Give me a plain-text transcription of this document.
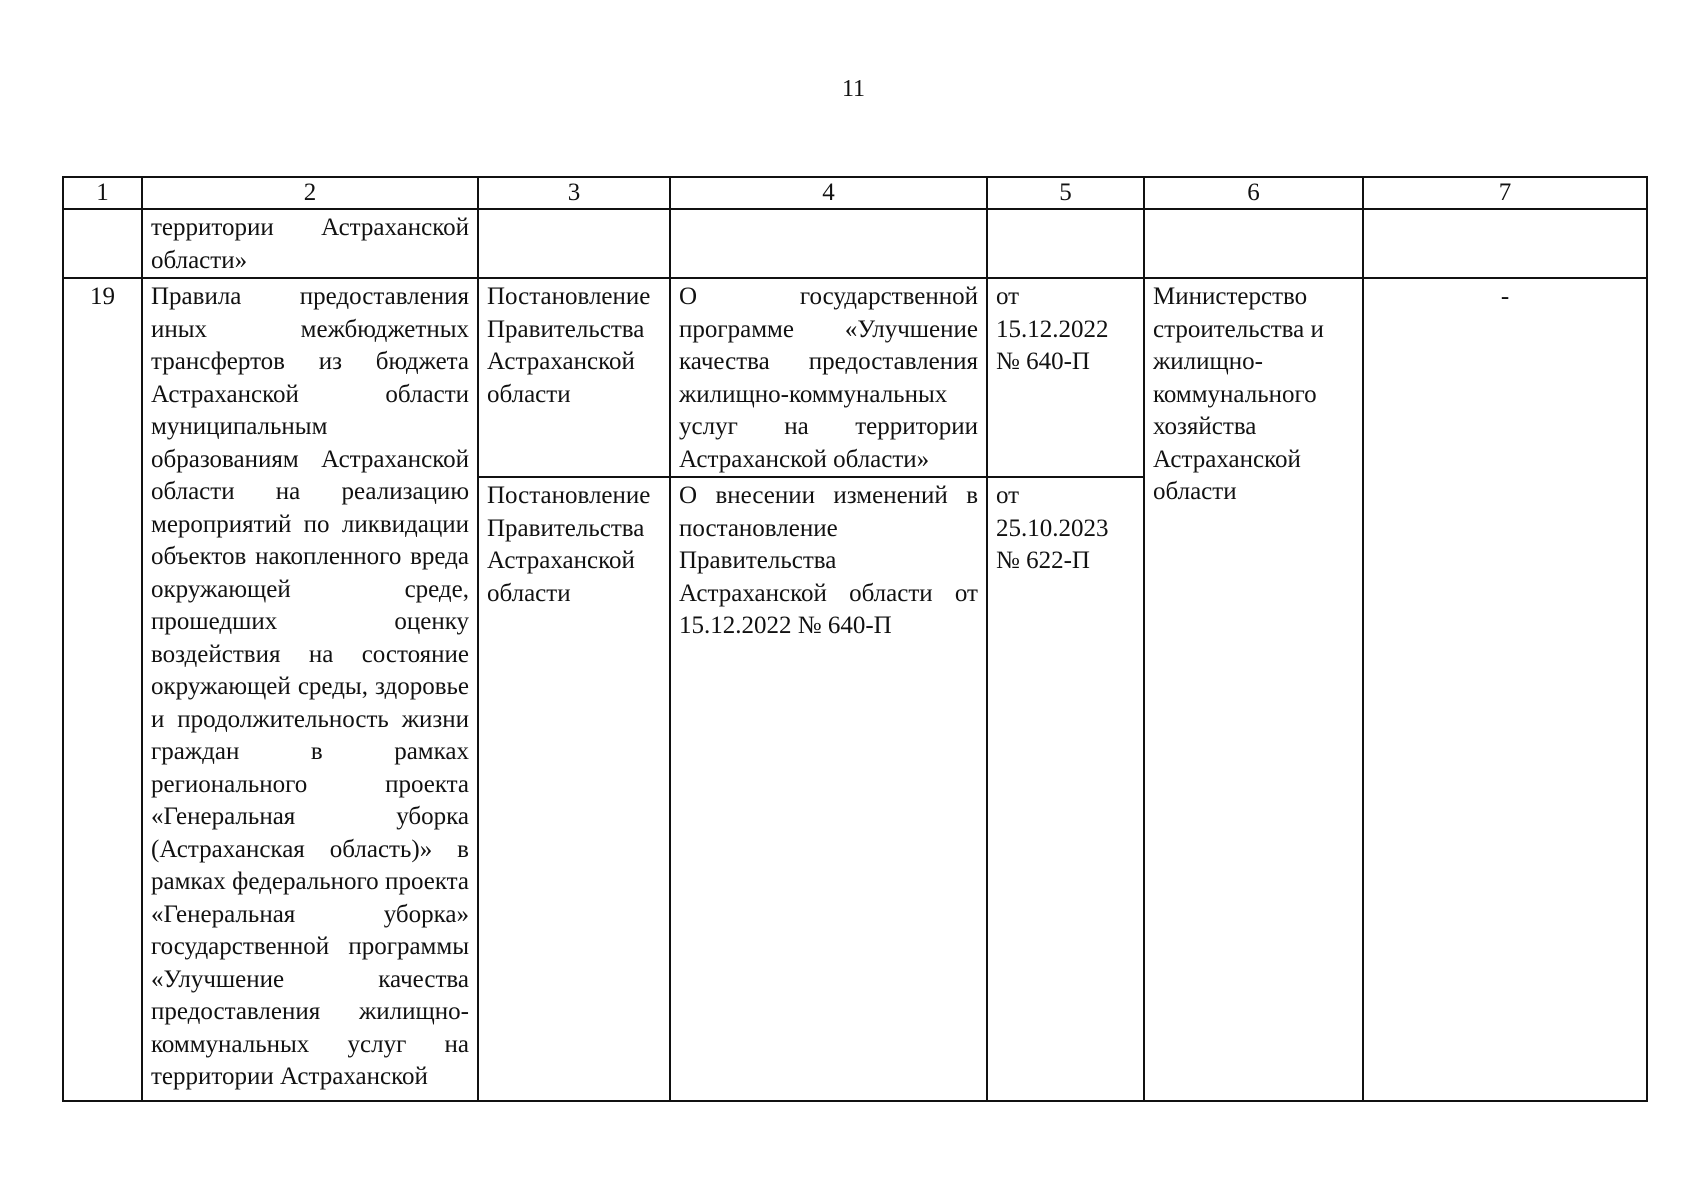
11
1	2	3	4	5	6	7
	территории Астраханской области»					
19	Правила предоставления иных межбюджетных трансфертов из бюджета Астраханской области муниципальным образованиям Астраханской области на реализацию мероприятий по ликвидации объектов накопленного вреда окружающей среде, прошедших оценку воздействия на состояние окружающей среды, здоровье и продолжительность жизни граждан в рамках регионального проекта «Генеральная уборка (Астраханская область)» в рамках федерального проекта «Генеральная уборка» государственной программы «Улучшение качества предоставления жилищно-коммунальных услуг на территории Астраханской	Постановление Правительства Астраханской области	О государственной программе «Улучшение качества предоставления жилищно-коммунальных услуг на территории Астраханской области»	от 15.12.2022 № 640-П	Министерство строительства и жилищно-коммунального хозяйства Астраханской области	-
		Постановление Правительства Астраханской области	О внесении изменений в постановление Правительства Астраханской области от 15.12.2022 № 640-П	от 25.10.2023 № 622-П		
